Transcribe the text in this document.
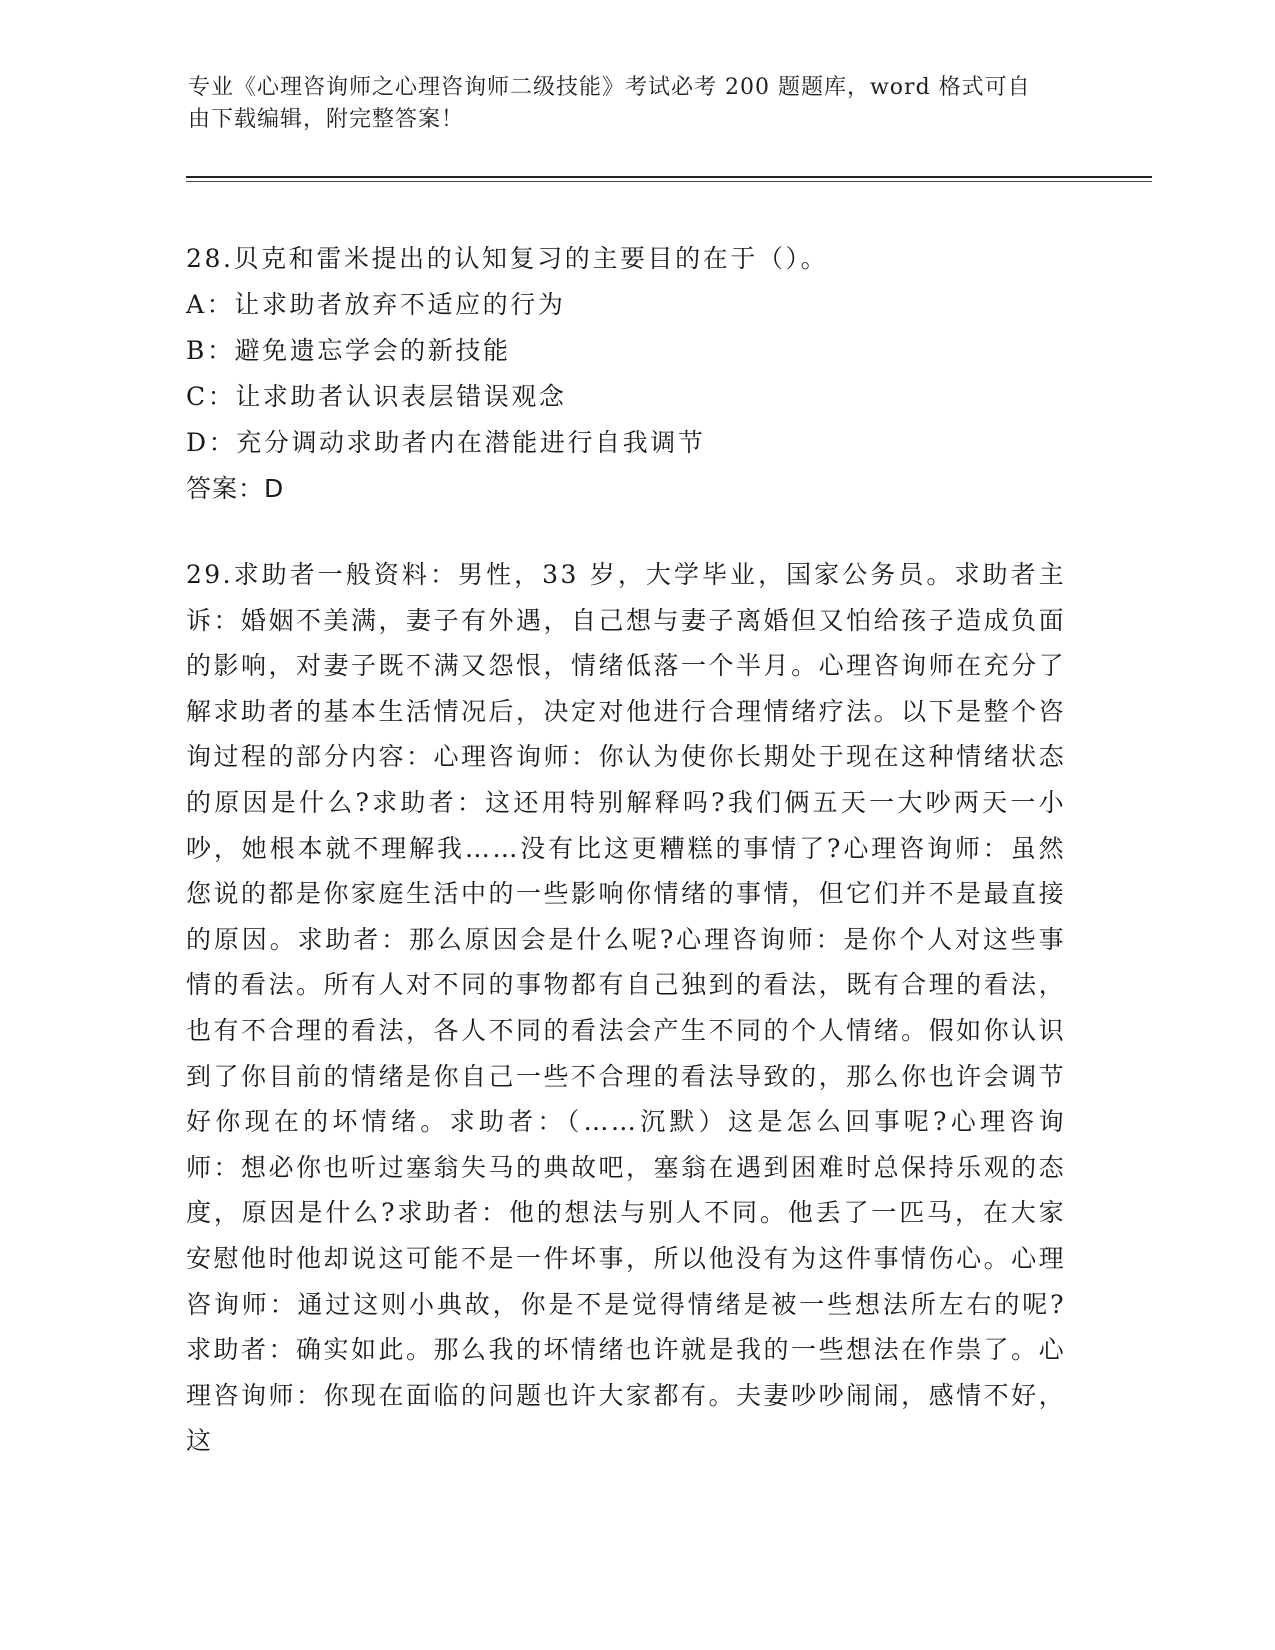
专业《心理咨询师之心理咨询师二级技能》考试必考 200 题题库，word 格式可自
由下载编辑，附完整答案！
28.贝克和雷米提出的认知复习的主要目的在于（）。
A：让求助者放弃不适应的行为
B：避免遗忘学会的新技能
C：让求助者认识表层错误观念
D：充分调动求助者内在潜能进行自我调节
答案：D
29.求助者一般资料：男性，33 岁，大学毕业，国家公务员。求助者主诉：婚姻不美满，妻子有外遇，自己想与妻子离婚但又怕给孩子造成负面的影响，对妻子既不满又怨恨，情绪低落一个半月。心理咨询师在充分了解求助者的基本生活情况后，决定对他进行合理情绪疗法。以下是整个咨询过程的部分内容：心理咨询师：你认为使你长期处于现在这种情绪状态的原因是什么?求助者：这还用特别解释吗?我们俩五天一大吵两天一小吵，她根本就不理解我……没有比这更糟糕的事情了?心理咨询师：虽然您说的都是你家庭生活中的一些影响你情绪的事情，但它们并不是最直接的原因。求助者：那么原因会是什么呢?心理咨询师：是你个人对这些事情的看法。所有人对不同的事物都有自己独到的看法，既有合理的看法，也有不合理的看法，各人不同的看法会产生不同的个人情绪。假如你认识到了你目前的情绪是你自己一些不合理的看法导致的，那么你也许会调节好你现在的坏情绪。求助者：（……沉默）这是怎么回事呢?心理咨询师：想必你也听过塞翁失马的典故吧，塞翁在遇到困难时总保持乐观的态度，原因是什么?求助者：他的想法与别人不同。他丢了一匹马，在大家安慰他时他却说这可能不是一件坏事，所以他没有为这件事情伤心。心理咨询师：通过这则小典故，你是不是觉得情绪是被一些想法所左右的呢?求助者：确实如此。那么我的坏情绪也许就是我的一些想法在作祟了。心理咨询师：你现在面临的问题也许大家都有。夫妻吵吵闹闹，感情不好，这
